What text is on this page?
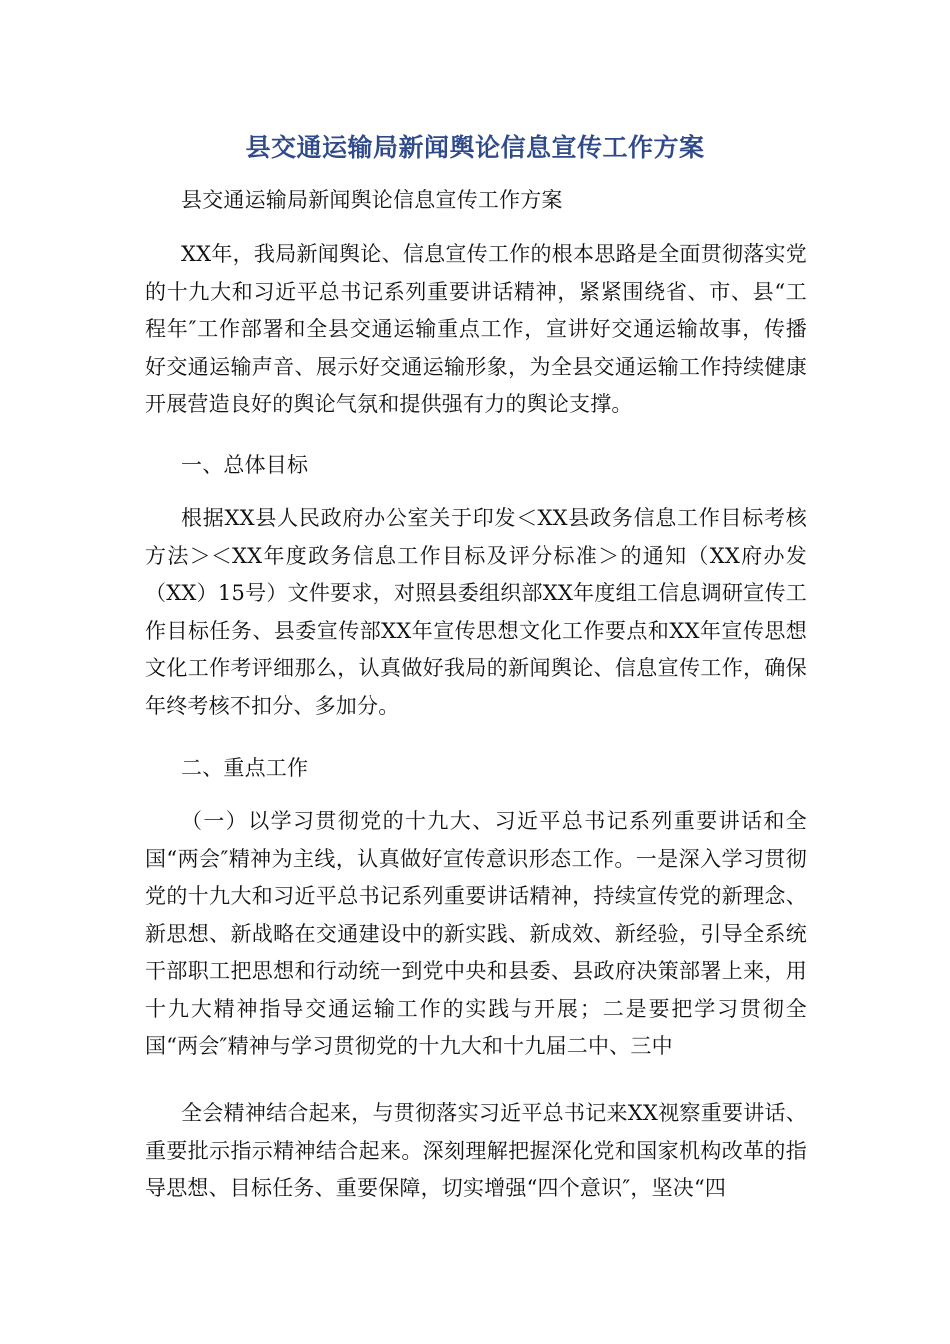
县交通运输局新闻舆论信息宣传工作方案

县交通运输局新闻舆论信息宣传工作方案

XX年，我局新闻舆论、信息宣传工作的根本思路是全面贯彻落实党的十九大和习近平总书记系列重要讲话精神，紧紧围绕省、市、县“工程年″工作部署和全县交通运输重点工作，宣讲好交通运输故事，传播好交通运输声音、展示好交通运输形象，为全县交通运输工作持续健康开展营造良好的舆论气氛和提供强有力的舆论支撑。

一、总体目标

根据XX县人民政府办公室关于印发＜XX县政务信息工作目标考核方法＞＜XX年度政务信息工作目标及评分标准＞的通知（XX府办发（XX）15号）文件要求，对照县委组织部XX年度组工信息调研宣传工作目标任务、县委宣传部XX年宣传思想文化工作要点和XX年宣传思想文化工作考评细那么，认真做好我局的新闻舆论、信息宣传工作，确保年终考核不扣分、多加分。

二、重点工作

（一）以学习贯彻党的十九大、习近平总书记系列重要讲话和全国“两会″精神为主线，认真做好宣传意识形态工作。一是深入学习贯彻党的十九大和习近平总书记系列重要讲话精神，持续宣传党的新理念、新思想、新战略在交通建设中的新实践、新成效、新经验，引导全系统干部职工把思想和行动统一到党中央和县委、县政府决策部署上来，用十九大精神指导交通运输工作的实践与开展；二是要把学习贯彻全国“两会″精神与学习贯彻党的十九大和十九届二中、三中

全会精神结合起来，与贯彻落实习近平总书记来XX视察重要讲话、重要批示指示精神结合起来。深刻理解把握深化党和国家机构改革的指导思想、目标任务、重要保障，切实增强“四个意识″，坚决“四
